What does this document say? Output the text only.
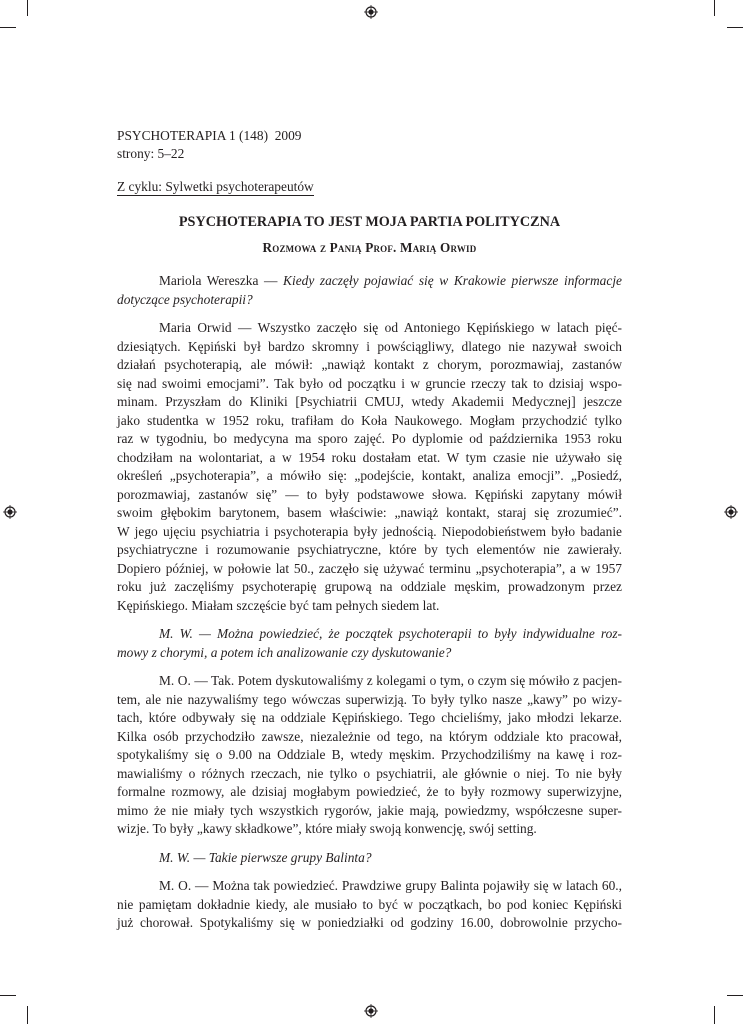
PSYCHOTERAPIA 1 (148)  2009
strony: 5–22
Z cyklu: Sylwetki psychoterapeutów
PSYCHOTERAPIA TO JEST MOJA PARTIA POLITYCZNA
Rozmowa z Panią Prof. Marią Orwid

Mariola Wereszka — Kiedy zaczęły pojawiać się w Krakowie pierwsze informacje
dotyczące psychoterapii?

Maria Orwid — Wszystko zaczęło się od Antoniego Kępińskiego w latach pięć-
dziesiątych. Kępiński był bardzo skromny i powściągliwy, dlatego nie nazywał swoich
działań psychoterapią, ale mówił: „nawiąż kontakt z chorym, porozmawiaj, zastanów
się nad swoimi emocjami”. Tak było od początku i w gruncie rzeczy tak to dzisiaj wspo-
minam. Przyszłam do Kliniki [Psychiatrii CMUJ, wtedy Akademii Medycznej] jeszcze
jako studentka w 1952 roku, trafiłam do Koła Naukowego. Mogłam przychodzić tylko
raz w tygodniu, bo medycyna ma sporo zajęć. Po dyplomie od października 1953 roku
chodziłam na wolontariat, a w 1954 roku dostałam etat. W tym czasie nie używało się
określeń „psychoterapia”, a mówiło się: „podejście, kontakt, analiza emocji”. „Posiedź,
porozmawiaj, zastanów się” — to były podstawowe słowa. Kępiński zapytany mówił
swoim głębokim barytonem, basem właściwie: „nawiąż kontakt, staraj się zrozumieć”.
W jego ujęciu psychiatria i psychoterapia były jednością. Niepodobieństwem było badanie
psychiatryczne i rozumowanie psychiatryczne, które by tych elementów nie zawierały.
Dopiero później, w połowie lat 50., zaczęło się używać terminu „psychoterapia”, a w 1957
roku już zaczęliśmy psychoterapię grupową na oddziale męskim, prowadzonym przez
Kępińskiego. Miałam szczęście być tam pełnych siedem lat.

M. W. — Można powiedzieć, że początek psychoterapii to były indywidualne roz-
mowy z chorymi, a potem ich analizowanie czy dyskutowanie?

M. O. — Tak. Potem dyskutowaliśmy z kolegami o tym, o czym się mówiło z pacjen-
tem, ale nie nazywaliśmy tego wówczas superwizją. To były tylko nasze „kawy” po wizy-
tach, które odbywały się na oddziale Kępińskiego. Tego chcieliśmy, jako młodzi lekarze.
Kilka osób przychodziło zawsze, niezależnie od tego, na którym oddziale kto pracował,
spotykaliśmy się o 9.00 na Oddziale B, wtedy męskim. Przychodziliśmy na kawę i roz-
mawialiśmy o różnych rzeczach, nie tylko o psychiatrii, ale głównie o niej. To nie były
formalne rozmowy, ale dzisiaj mogłabym powiedzieć, że to były rozmowy superwizyjne,
mimo że nie miały tych wszystkich rygorów, jakie mają, powiedzmy, współczesne super-
wizje. To były „kawy składkowe”, które miały swoją konwencję, swój setting.

M. W. — Takie pierwsze grupy Balinta?

M. O. — Można tak powiedzieć. Prawdziwe grupy Balinta pojawiły się w latach 60.,
nie pamiętam dokładnie kiedy, ale musiało to być w początkach, bo pod koniec Kępiński
już chorował. Spotykaliśmy się w poniedziałki od godziny 16.00, dobrowolnie przycho-
